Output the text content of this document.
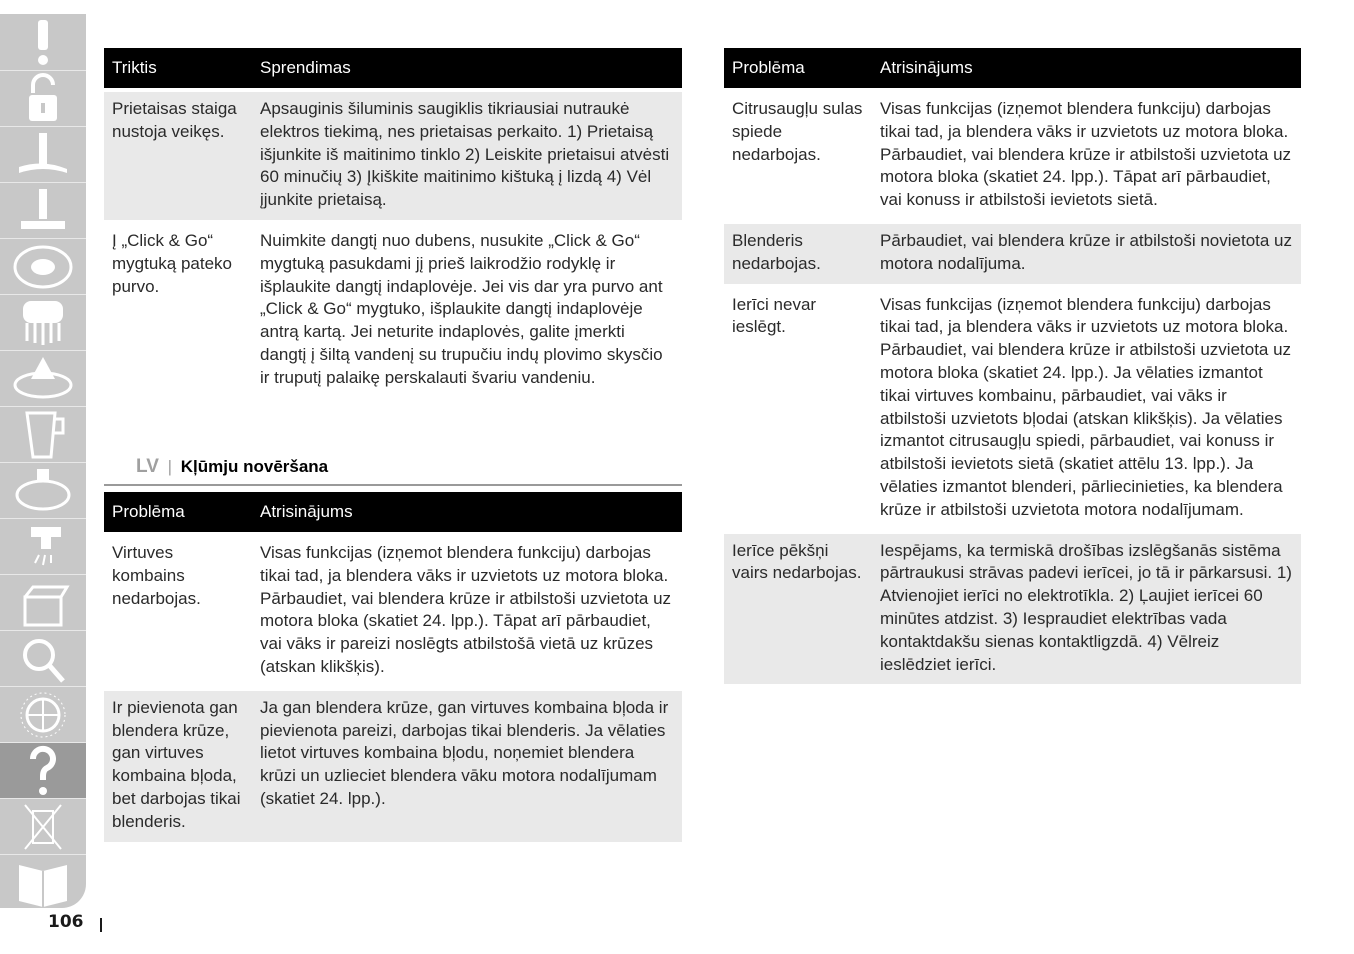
106
Triktis	Sprendimas
Prietaisas staiga nustoja veikęs.	Apsauginis šiluminis saugiklis tikriausiai nutraukė elektros tiekimą, nes prietaisas perkaito. 1) Prietaisą išjunkite iš maitinimo tinklo 2) Leiskite prietaisui atvėsti 60 minučių 3) Įkiškite maitinimo kištuką į lizdą 4) Vėl įjunkite prietaisą.
Į „Click & Go“ mygtuką pateko purvo.	Nuimkite dangtį nuo dubens, nusukite „Click & Go“ mygtuką pasukdami jį prieš laikrodžio rodyklę ir išplaukite dangtį indaplovėje. Jei vis dar yra purvo ant „Click & Go“ mygtuko, išplaukite dangtį indaplovėje antrą kartą. Jei neturite indaplovės, galite įmerkti dangtį į šiltą vandenį su trupučiu indų plovimo skysčio ir truputį palaikę perskalauti švariu vandeniu.
LV | Kļūmju novēršana
Problēma	Atrisinājums
Virtuves kombains nedarbojas.	Visas funkcijas (izņemot blendera funkciju) darbojas tikai tad, ja blendera vāks ir uzvietots uz motora bloka. Pārbaudiet, vai blendera krūze ir atbilstoši uzvietota uz motora bloka (skatiet 24. lpp.). Tāpat arī pārbaudiet, vai vāks ir pareizi noslēgts atbilstošā vietā uz krūzes (atskan klikšķis).
Ir pievienota gan blendera krūze, gan virtuves kombaina bļoda, bet darbojas tikai blenderis.	Ja gan blendera krūze, gan virtuves kombaina bļoda ir pievienota pareizi, darbojas tikai blenderis. Ja vēlaties lietot virtuves kombaina bļodu, noņemiet blendera krūzi un uzlieciet blendera vāku motora nodalījumam (skatiet 24. lpp.).
Problēma	Atrisinājums
Citrusaugļu sulas spiede nedarbojas.	Visas funkcijas (izņemot blendera funkciju) darbojas tikai tad, ja blendera vāks ir uzvietots uz motora bloka. Pārbaudiet, vai blendera krūze ir atbilstoši uzvietota uz motora bloka (skatiet 24. lpp.). Tāpat arī pārbaudiet, vai konuss ir atbilstoši ievietots sietā.
Blenderis nedarbojas.	Pārbaudiet, vai blendera krūze ir atbilstoši novietota uz motora nodalījuma.
Ierīci nevar ieslēgt.	Visas funkcijas (izņemot blendera funkciju) darbojas tikai tad, ja blendera vāks ir uzvietots uz motora bloka. Pārbaudiet, vai blendera krūze ir atbilstoši uzvietota uz motora bloka (skatiet 24. lpp.). Ja vēlaties izmantot tikai virtuves kombainu, pārbaudiet, vai vāks ir atbilstoši uzvietots bļodai (atskan klikšķis). Ja vēlaties izmantot citrusaugļu spiedi, pārbaudiet, vai konuss ir atbilstoši ievietots sietā (skatiet attēlu 13. lpp.). Ja vēlaties izmantot blenderi, pārliecinieties, ka blendera krūze ir atbilstoši uzvietota motora nodalījumam.
Ierīce pēkšņi vairs nedarbojas.	Iespējams, ka termiskā drošības izslēgšanās sistēma pārtraukusi strāvas padevi ierīcei, jo tā ir pārkarsusi. 1) Atvienojiet ierīci no elektrotīkla. 2) Ļaujiet ierīcei 60 minūtes atdzist. 3) Iespraudiet elektrības vada kontaktdakšu sienas kontaktligzdā. 4) Vēlreiz ieslēdziet ierīci.
